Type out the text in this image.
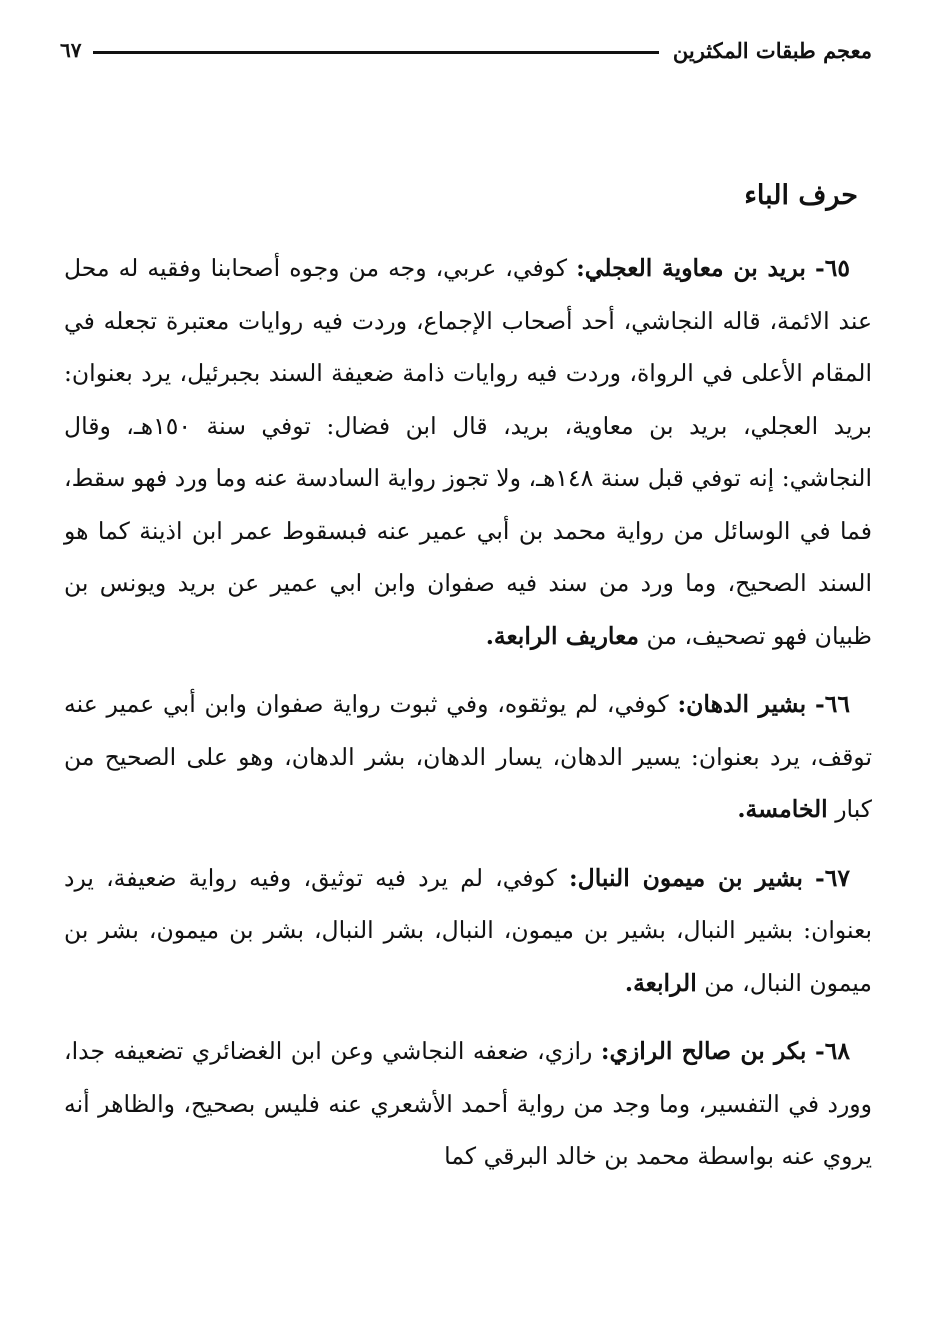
معجم طبقات المكثرين
٦٧
حرف الباء

٦٥- بريد بن معاوية العجلي: كوفي، عربي، وجه من وجوه أصحابنا وفقيه له محل عند الائمة، قاله النجاشي، أحد أصحاب الإجماع، وردت فيه روايات معتبرة تجعله في المقام الأعلى في الرواة، وردت فيه روايات ذامة ضعيفة السند بجبرئيل، يرد بعنوان: بريد العجلي، بريد بن معاوية، بريد، قال ابن فضال: توفي سنة ١٥٠هـ، وقال النجاشي: إنه توفي قبل سنة ١٤٨هـ، ولا تجوز رواية السادسة عنه وما ورد فهو سقط، فما في الوسائل من رواية محمد بن أبي عمير عنه فبسقوط عمر ابن اذينة كما هو السند الصحيح، وما ورد من سند فيه صفوان وابن ابي عمير عن بريد ويونس بن ظبيان فهو تصحيف، من معاريف الرابعة.

٦٦- بشير الدهان: كوفي، لم يوثقوه، وفي ثبوت رواية صفوان وابن أبي عمير عنه توقف، يرد بعنوان: يسير الدهان، يسار الدهان، بشر الدهان، وهو على الصحيح من كبار الخامسة.

٦٧- بشير بن ميمون النبال: كوفي، لم يرد فيه توثيق، وفيه رواية ضعيفة، يرد بعنوان: بشير النبال، بشير بن ميمون، النبال، بشر النبال، بشر بن ميمون، بشر بن ميمون النبال، من الرابعة.

٦٨- بكر بن صالح الرازي: رازي، ضعفه النجاشي وعن ابن الغضائري تضعيفه جدا، وورد في التفسير، وما وجد من رواية أحمد الأشعري عنه فليس بصحيح، والظاهر أنه يروي عنه بواسطة محمد بن خالد البرقي كما
